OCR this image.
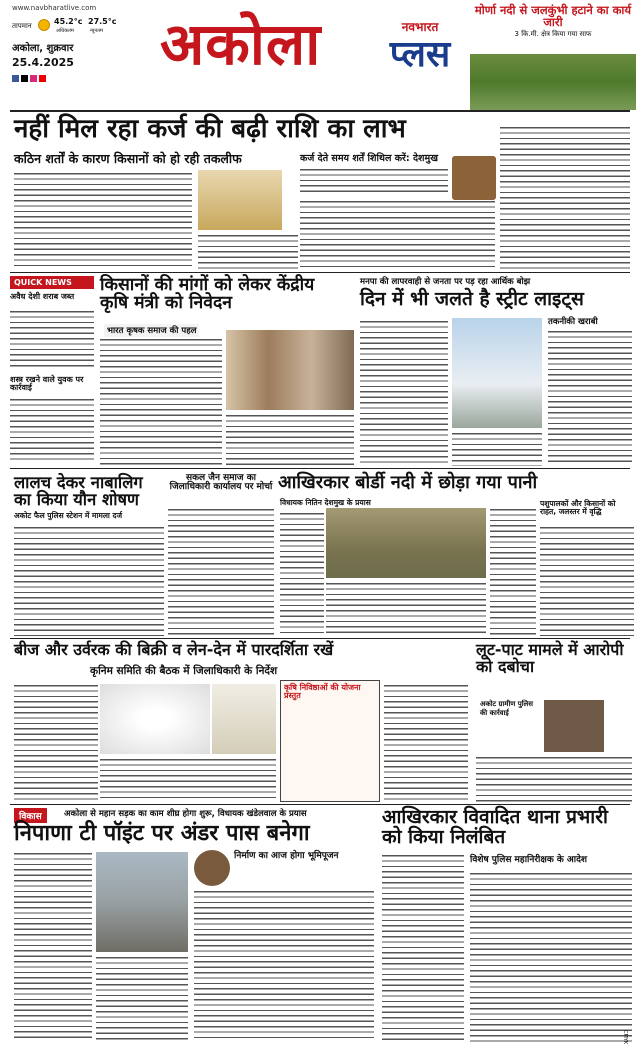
www.navbharatlive.com
तापमान	45.2°c
अधिकतम
27.5°c
न्यूनतम
अकोला, शुक्रवार
25.4.2025 अकोला	नवभारत
प्लस
मोर्णा नदी से जलकुंभी हटाने का कार्य जारी
3 कि.मी. क्षेत्र किया गया साफ
नहीं मिल रहा कर्ज की बढ़ी राशि का लाभ
कठिन शर्तों के कारण किसानों को हो रही तकलीफ	कर्ज देते समय शर्तें शिथिल करें: देशमुख
QUICK NEWS
अवैध देशी शराब जब्त
शस्त्र रखने वाले युवक पर कार्रवाई
किसानों की मांगों को लेकर केंद्रीय कृषि मंत्री को निवेदन
भारत कृषक समाज की पहल
मनपा की लापरवाही से जनता पर पड़ रहा आर्थिक बोझ
दिन में भी जलते है स्ट्रीट लाइट्स
तकनीकी खराबी
लालच देकर नाबालिग का किया यौन शोषण
अकोट फैल पुलिस स्टेशन में मामला दर्ज
सकल जैन समाज का जिलाधिकारी कार्यालय पर मोर्चा आखिरकार बोर्डी नदी में छोड़ा गया पानी
विधायक नितिन देशमुख के प्रयास	पशुपालकों और किसानों को राहत, जलस्तर में वृद्धि
बीज और उर्वरक की बिक्री व लेन-देन में पारदर्शिता रखें
कृनिम समिति की बैठक में जिलाधिकारी के निर्देश
कृषि निविष्ठाओं की योजना प्रस्तुत
लूट-पाट मामले में आरोपी को दबोचा
अकोट ग्रामीण पुलिस की कार्रवाई
विकास	अकोला से महान सड़क का काम शीघ्र होगा शुरू, विधायक खंडेलवाल के प्रयास
निपाणा टी पॉइंट पर अंडर पास बनेगा
निर्माण का आज होगा भूमिपूजन
आखिरकार विवादित थाना प्रभारी को किया निलंबित
विशेष पुलिस महानिरीक्षक के आदेश
CMYK
